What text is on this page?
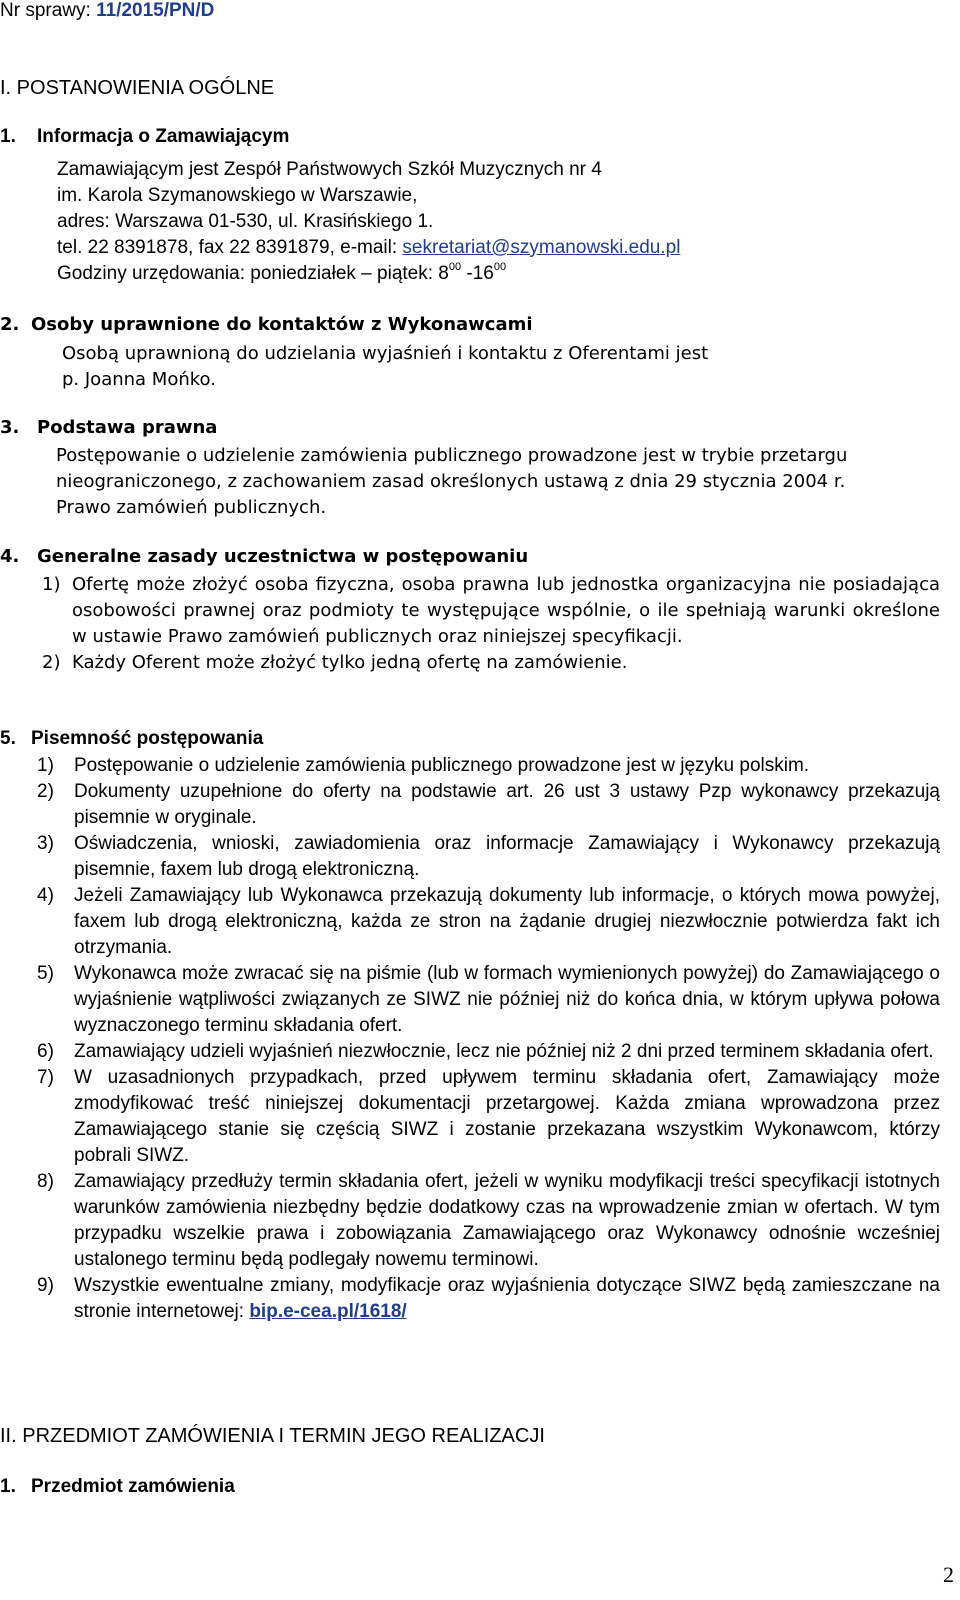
Nr sprawy: 11/2015/PN/D
I. POSTANOWIENIA OGÓLNE
1. Informacja o Zamawiającym

Zamawiającym jest Zespół Państwowych Szkół Muzycznych nr 4

im. Karola Szymanowskiego w Warszawie,

adres: Warszawa 01-530, ul. Krasińskiego 1.

tel. 22 8391878, fax 22 8391879, e-mail: sekretariat@szymanowski.edu.pl

Godziny urzędowania: poniedziałek – piątek: $8^{00}$ $-16^{00}$

2. Osoby uprawnione do kontaktów z Wykonawcami

Osobą uprawnioną do udzielania wyjaśnień i kontaktu z Oferentami jest

p. Joanna Mońko.

3. Podstawa prawna

Postępowanie o udzielenie zamówienia publicznego prowadzone jest w trybie przetargu

nieograniczonego, z zachowaniem zasad określonych ustawą z dnia 29 stycznia 2004 r.

Prawo zamówień publicznych.

4. Generalne zasady uczestnictwa w postępowaniu
1) Ofertę może złożyć osoba fizyczna, osoba prawna lub jednostka organizacyjna nie posiadająca osobowości prawnej oraz podmioty te występujące wspólnie, o ile spełniają warunki określone w ustawie Prawo zamówień publicznych oraz niniejszej specyfikacji.
2) Każdy Oferent może złożyć tylko jedną ofertę na zamówienie.
5. Pisemność postępowania
1) Postępowanie o udzielenie zamówienia publicznego prowadzone jest w języku polskim.
2) Dokumenty uzupełnione do oferty na podstawie art. 26 ust 3 ustawy Pzp wykonawcy przekazują pisemnie w oryginale.
3) Oświadczenia, wnioski, zawiadomienia oraz informacje Zamawiający i Wykonawcy przekazują pisemnie, faxem lub drogą elektroniczną.
4) Jeżeli Zamawiający lub Wykonawca przekazują dokumenty lub informacje, o których mowa powyżej, faxem lub drogą elektroniczną, każda ze stron na żądanie drugiej niezwłocznie potwierdza fakt ich otrzymania.
5) Wykonawca może zwracać się na piśmie (lub w formach wymienionych powyżej) do Zamawiającego o wyjaśnienie wątpliwości związanych ze SIWZ nie później niż do końca dnia, w którym upływa połowa wyznaczonego terminu składania ofert.
6) Zamawiający udzieli wyjaśnień niezwłocznie, lecz nie później niż 2 dni przed terminem składania ofert.
7) W uzasadnionych przypadkach, przed upływem terminu składania ofert, Zamawiający może zmodyfikować treść niniejszej dokumentacji przetargowej. Każda zmiana wprowadzona przez Zamawiającego stanie się częścią SIWZ i zostanie przekazana wszystkim Wykonawcom, którzy pobrali SIWZ.
8) Zamawiający przedłuży termin składania ofert, jeżeli w wyniku modyfikacji treści specyfikacji istotnych warunków zamówienia niezbędny będzie dodatkowy czas na wprowadzenie zmian w ofertach. W tym przypadku wszelkie prawa i zobowiązania Zamawiającego oraz Wykonawcy odnośnie wcześniej ustalonego terminu będą podlegały nowemu terminowi.
9) Wszystkie ewentualne zmiany, modyfikacje oraz wyjaśnienia dotyczące SIWZ będą zamieszczane na stronie internetowej: bip.e-cea.pl/1618/
II. PRZEDMIOT ZAMÓWIENIA I TERMIN JEGO REALIZACJI
1. Przedmiot zamówienia
2
